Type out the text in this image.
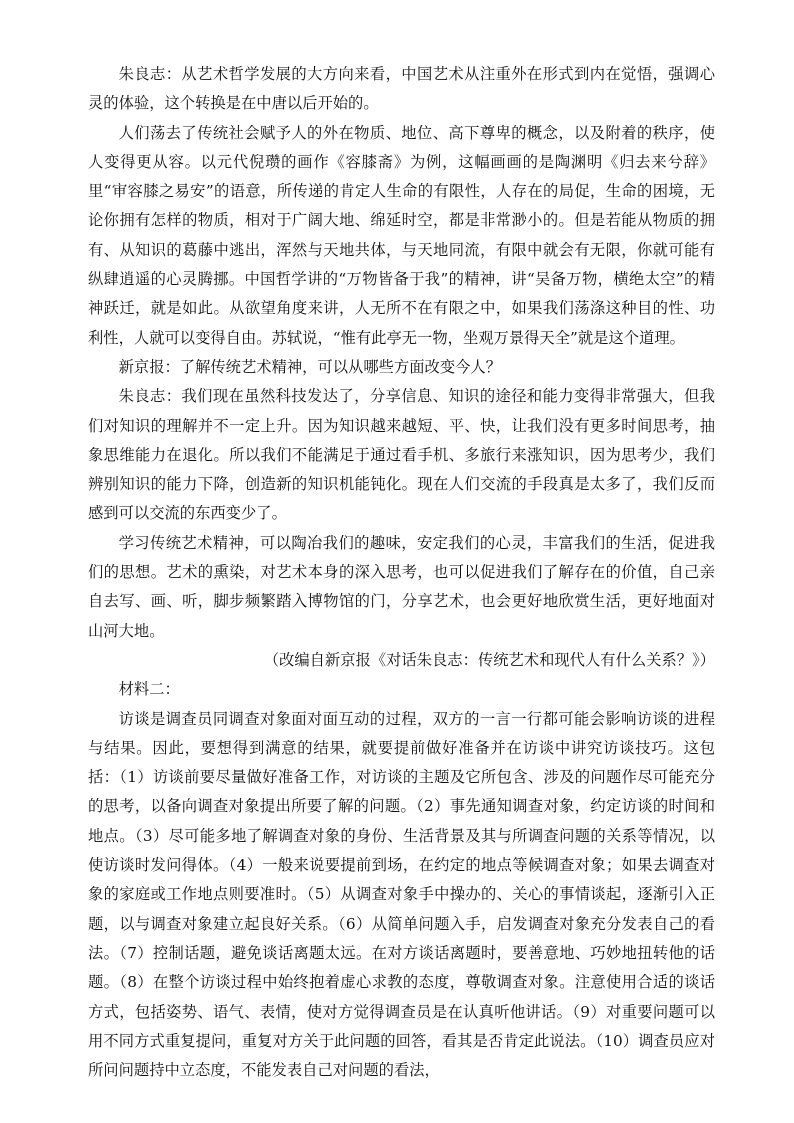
朱良志：从艺术哲学发展的大方向来看，中国艺术从注重外在形式到内在觉悟，强调心灵的体验，这个转换是在中唐以后开始的。

人们荡去了传统社会赋予人的外在物质、地位、高下尊卑的概念，以及附着的秩序，使人变得更从容。以元代倪瓒的画作《容膝斋》为例，这幅画画的是陶渊明《归去来兮辞》里“审容膝之易安”的语意，所传递的肯定人生命的有限性，人存在的局促，生命的困境，无论你拥有怎样的物质，相对于广阔大地、绵延时空，都是非常渺小的。但是若能从物质的拥有、从知识的葛藤中逃出，浑然与天地共体，与天地同流，有限中就会有无限，你就可能有纵肆逍遥的心灵腾挪。中国哲学讲的“万物皆备于我”的精神，讲“吴备万物，横绝太空”的精神跃迁，就是如此。从欲望角度来讲，人无所不在有限之中，如果我们荡涤这种目的性、功利性，人就可以变得自由。苏轼说，“惟有此亭无一物，坐观万景得天全”就是这个道理。

新京报：了解传统艺术精神，可以从哪些方面改变今人？

朱良志：我们现在虽然科技发达了，分享信息、知识的途径和能力变得非常强大，但我们对知识的理解并不一定上升。因为知识越来越短、平、快，让我们没有更多时间思考，抽象思维能力在退化。所以我们不能满足于通过看手机、多旅行来涨知识，因为思考少，我们辨别知识的能力下降，创造新的知识机能钝化。现在人们交流的手段真是太多了，我们反而感到可以交流的东西变少了。

学习传统艺术精神，可以陶冶我们的趣味，安定我们的心灵，丰富我们的生活，促进我们的思想。艺术的熏染，对艺术本身的深入思考，也可以促进我们了解存在的价值，自己亲自去写、画、听，脚步频繁踏入博物馆的门，分享艺术，也会更好地欣赏生活，更好地面对山河大地。

（改编自新京报《对话朱良志：传统艺术和现代人有什么关系？》）

材料二：

访谈是调查员同调查对象面对面互动的过程，双方的一言一行都可能会影响访谈的进程与结果。因此，要想得到满意的结果，就要提前做好准备并在访谈中讲究访谈技巧。这包括：（1）访谈前要尽量做好准备工作，对访谈的主题及它所包含、涉及的问题作尽可能充分的思考，以备向调查对象提出所要了解的问题。（2）事先通知调查对象，约定访谈的时间和地点。（3）尽可能多地了解调查对象的身份、生活背景及其与所调查问题的关系等情况，以使访谈时发问得体。（4）一般来说要提前到场，在约定的地点等候调查对象；如果去调查对象的家庭或工作地点则要准时。（5）从调查对象手中操办的、关心的事情谈起，逐渐引入正题，以与调查对象建立起良好关系。（6）从简单问题入手，启发调查对象充分发表自己的看法。（7）控制话题，避免谈话离题太远。在对方谈话离题时，要善意地、巧妙地扭转他的话题。（8）在整个访谈过程中始终抱着虚心求教的态度，尊敬调查对象。注意使用合适的谈话方式，包括姿势、语气、表情，使对方觉得调查员是在认真听他讲话。（9）对重要问题可以用不同方式重复提问，重复对方关于此问题的回答，看其是否肯定此说法。（10）调查员应对所问问题持中立态度，不能发表自己对问题的看法，
